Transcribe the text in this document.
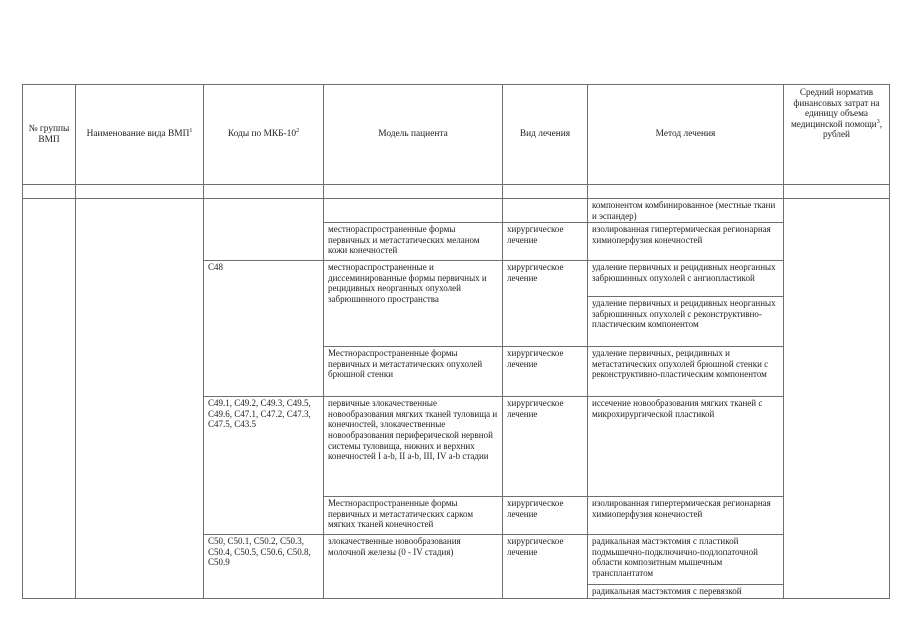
№ группы ВМП	Наименование вида ВМП$^1$	Коды по МКБ-$10^2$	Модель пациента	Вид лечения	Метод лечения	Средний норматив финансовых затрат на единицу объема медицинской помощи$^3$, рублей

					компонентом комбинированное (местные ткани и эспандер)	
			местнораспространенные формы первичных и метастатических меланом кожи конечностей	хирургическое лечение	изолированная гипертермическая регионарная химиоперфузия конечностей	
		C48	местнораспространенные и диссеминированные формы первичных и рецидивных неорганных опухолей забрюшинного пространства	хирургическое лечение	удаление первичных и рецидивных неорганных забрюшинных опухолей с ангиопластикой	
					удаление первичных и рецидивных неорганных забрюшинных опухолей с реконструктивно-пластическим компонентом	
			Местнораспространенные формы первичных и метастатических опухолей брюшной стенки	хирургическое лечение	удаление первичных, рецидивных и метастатических опухолей брюшной стенки с реконструктивно-пластическим компонентом	
		C49.1, C49.2, C49.3, C49.5, C49.6, C47.1, C47.2, C47.3, C47.5, C43.5	первичные злокачественные новообразования мягких тканей туловища и конечностей, злокачественные новообразования периферической нервной системы туловища, нижних и верхних конечностей I a-b, II a-b, III, IV a-b стадии	хирургическое лечение	иссечение новообразования мягких тканей с микрохирургической пластикой	
			Местнораспространенные формы первичных и метастатических сарком мягких тканей конечностей	хирургическое лечение	изолированная гипертермическая регионарная химиоперфузия конечностей	
		C50, C50.1, C50.2, C50.3, C50.4, C50.5, C50.6, C50.8, C50.9	злокачественные новообразования молочной железы (0 - IV стадия)	хирургическое лечение	радикальная мастэктомия с пластикой подмышечно-подключично-подлопаточной области композитным мышечным трансплантатом	
					радикальная мастэктомия с перевязкой	
